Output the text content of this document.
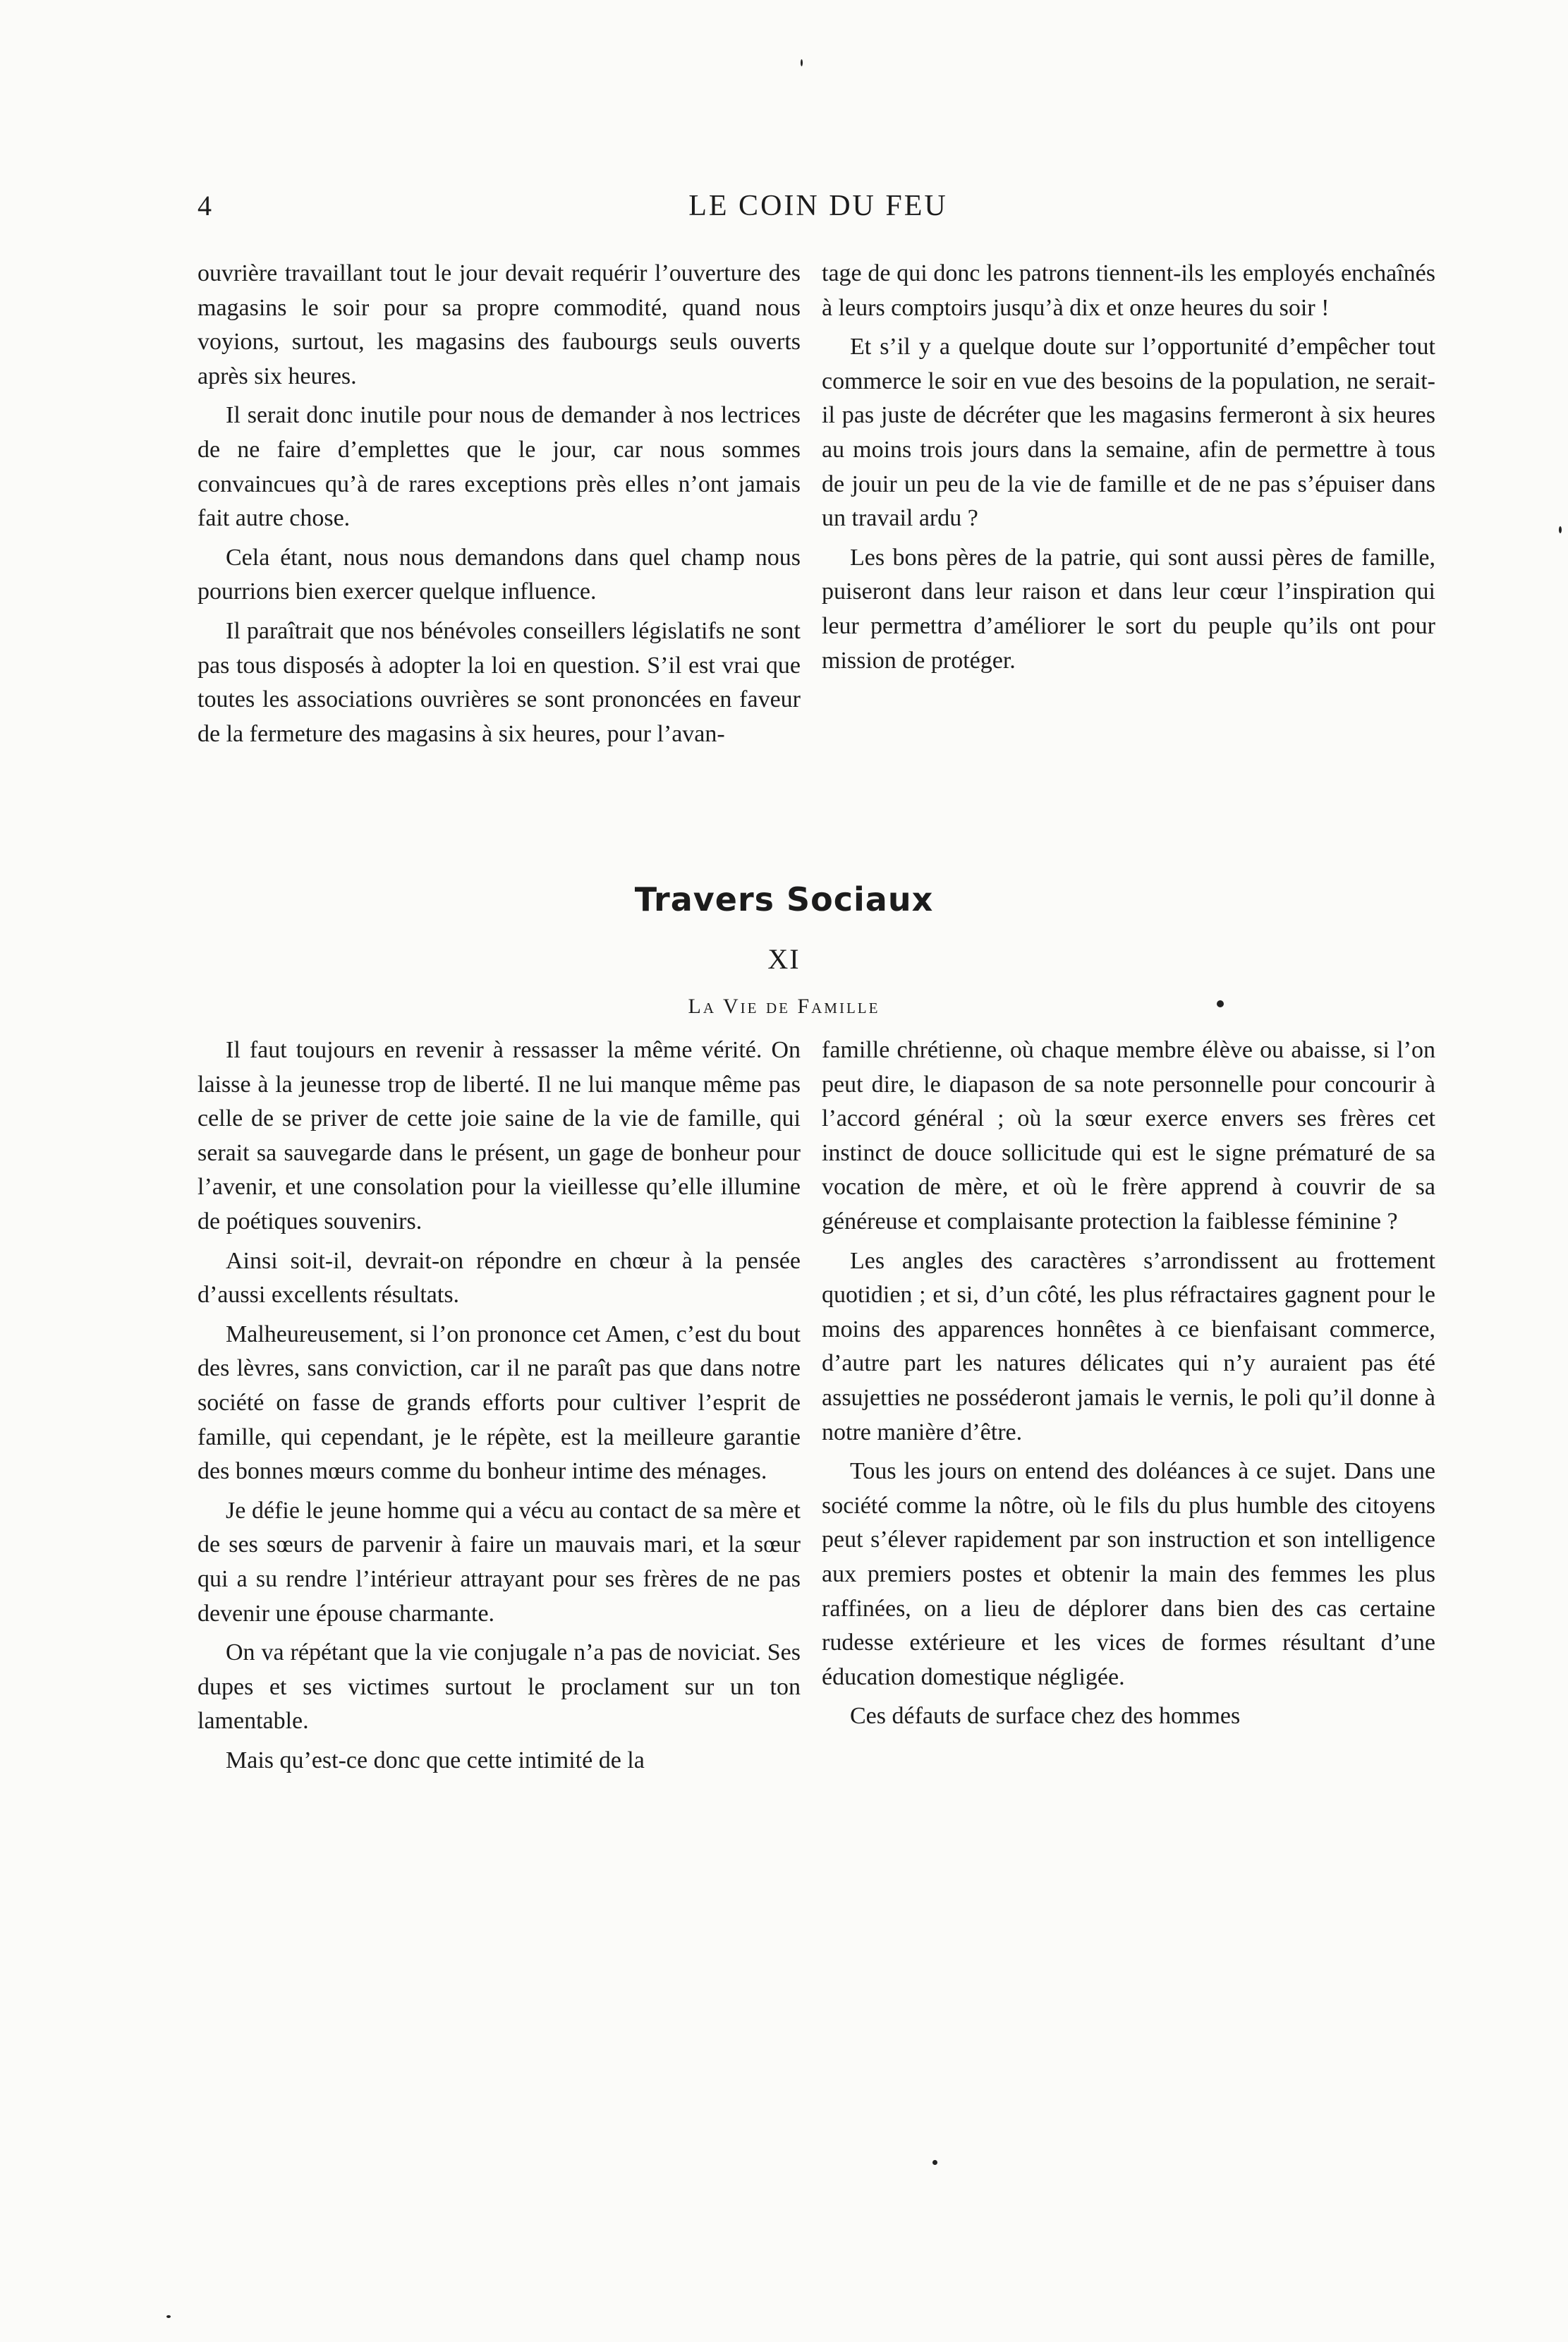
4	LE COIN DU FEU

ouvrière travaillant tout le jour devait requérir l’ouverture des magasins le soir pour sa propre commodité, quand nous voyions, surtout, les magasins des faubourgs seuls ouverts après six heures.

Il serait donc inutile pour nous de demander à nos lectrices de ne faire d’emplettes que le jour, car nous sommes convaincues qu’à de rares exceptions près elles n’ont jamais fait autre chose.

Cela étant, nous nous demandons dans quel champ nous pourrions bien exercer quelque influence.

Il paraîtrait que nos bénévoles conseillers législatifs ne sont pas tous disposés à adopter la loi en question. S’il est vrai que toutes les associations ouvrières se sont prononcées en faveur de la fermeture des magasins à six heures, pour l’avan-

tage de qui donc les patrons tiennent-ils les employés enchaînés à leurs comptoirs jusqu’à dix et onze heures du soir !

Et s’il y a quelque doute sur l’opportunité d’empêcher tout commerce le soir en vue des besoins de la population, ne serait-il pas juste de décréter que les magasins fermeront à six heures au moins trois jours dans la semaine, afin de permettre à tous de jouir un peu de la vie de famille et de ne pas s’épuiser dans un travail ardu ?

Les bons pères de la patrie, qui sont aussi pères de famille, puiseront dans leur raison et dans leur cœur l’inspiration qui leur permettra d’améliorer le sort du peuple qu’ils ont pour mission de protéger.

Travers Sociaux
XI
La Vie de Famille

Il faut toujours en revenir à ressasser la même vérité. On laisse à la jeunesse trop de liberté. Il ne lui manque même pas celle de se priver de cette joie saine de la vie de famille, qui serait sa sauvegarde dans le présent, un gage de bonheur pour l’avenir, et une consolation pour la vieillesse qu’elle illumine de poétiques souvenirs.

Ainsi soit-il, devrait-on répondre en chœur à la pensée d’aussi excellents résultats.

Malheureusement, si l’on prononce cet Amen, c’est du bout des lèvres, sans conviction, car il ne paraît pas que dans notre société on fasse de grands efforts pour cultiver l’esprit de famille, qui cependant, je le répète, est la meilleure garantie des bonnes mœurs comme du bonheur intime des ménages.

Je défie le jeune homme qui a vécu au contact de sa mère et de ses sœurs de parvenir à faire un mauvais mari, et la sœur qui a su rendre l’intérieur attrayant pour ses frères de ne pas devenir une épouse charmante.

On va répétant que la vie conjugale n’a pas de noviciat. Ses dupes et ses victimes surtout le proclament sur un ton lamentable.

Mais qu’est-ce donc que cette intimité de la

famille chrétienne, où chaque membre élève ou abaisse, si l’on peut dire, le diapason de sa note personnelle pour concourir à l’accord général ; où la sœur exerce envers ses frères cet instinct de douce sollicitude qui est le signe prématuré de sa vocation de mère, et où le frère apprend à couvrir de sa généreuse et complaisante protection la faiblesse féminine ?

Les angles des caractères s’arrondissent au frottement quotidien ; et si, d’un côté, les plus réfractaires gagnent pour le moins des apparences honnêtes à ce bienfaisant commerce, d’autre part les natures délicates qui n’y auraient pas été assujetties ne posséderont jamais le vernis, le poli qu’il donne à notre manière d’être.

Tous les jours on entend des doléances à ce sujet. Dans une société comme la nôtre, où le fils du plus humble des citoyens peut s’élever rapidement par son instruction et son intelligence aux premiers postes et obtenir la main des femmes les plus raffinées, on a lieu de déplorer dans bien des cas certaine rudesse extérieure et les vices de formes résultant d’une éducation domestique négligée.

Ces défauts de surface chez des hommes
